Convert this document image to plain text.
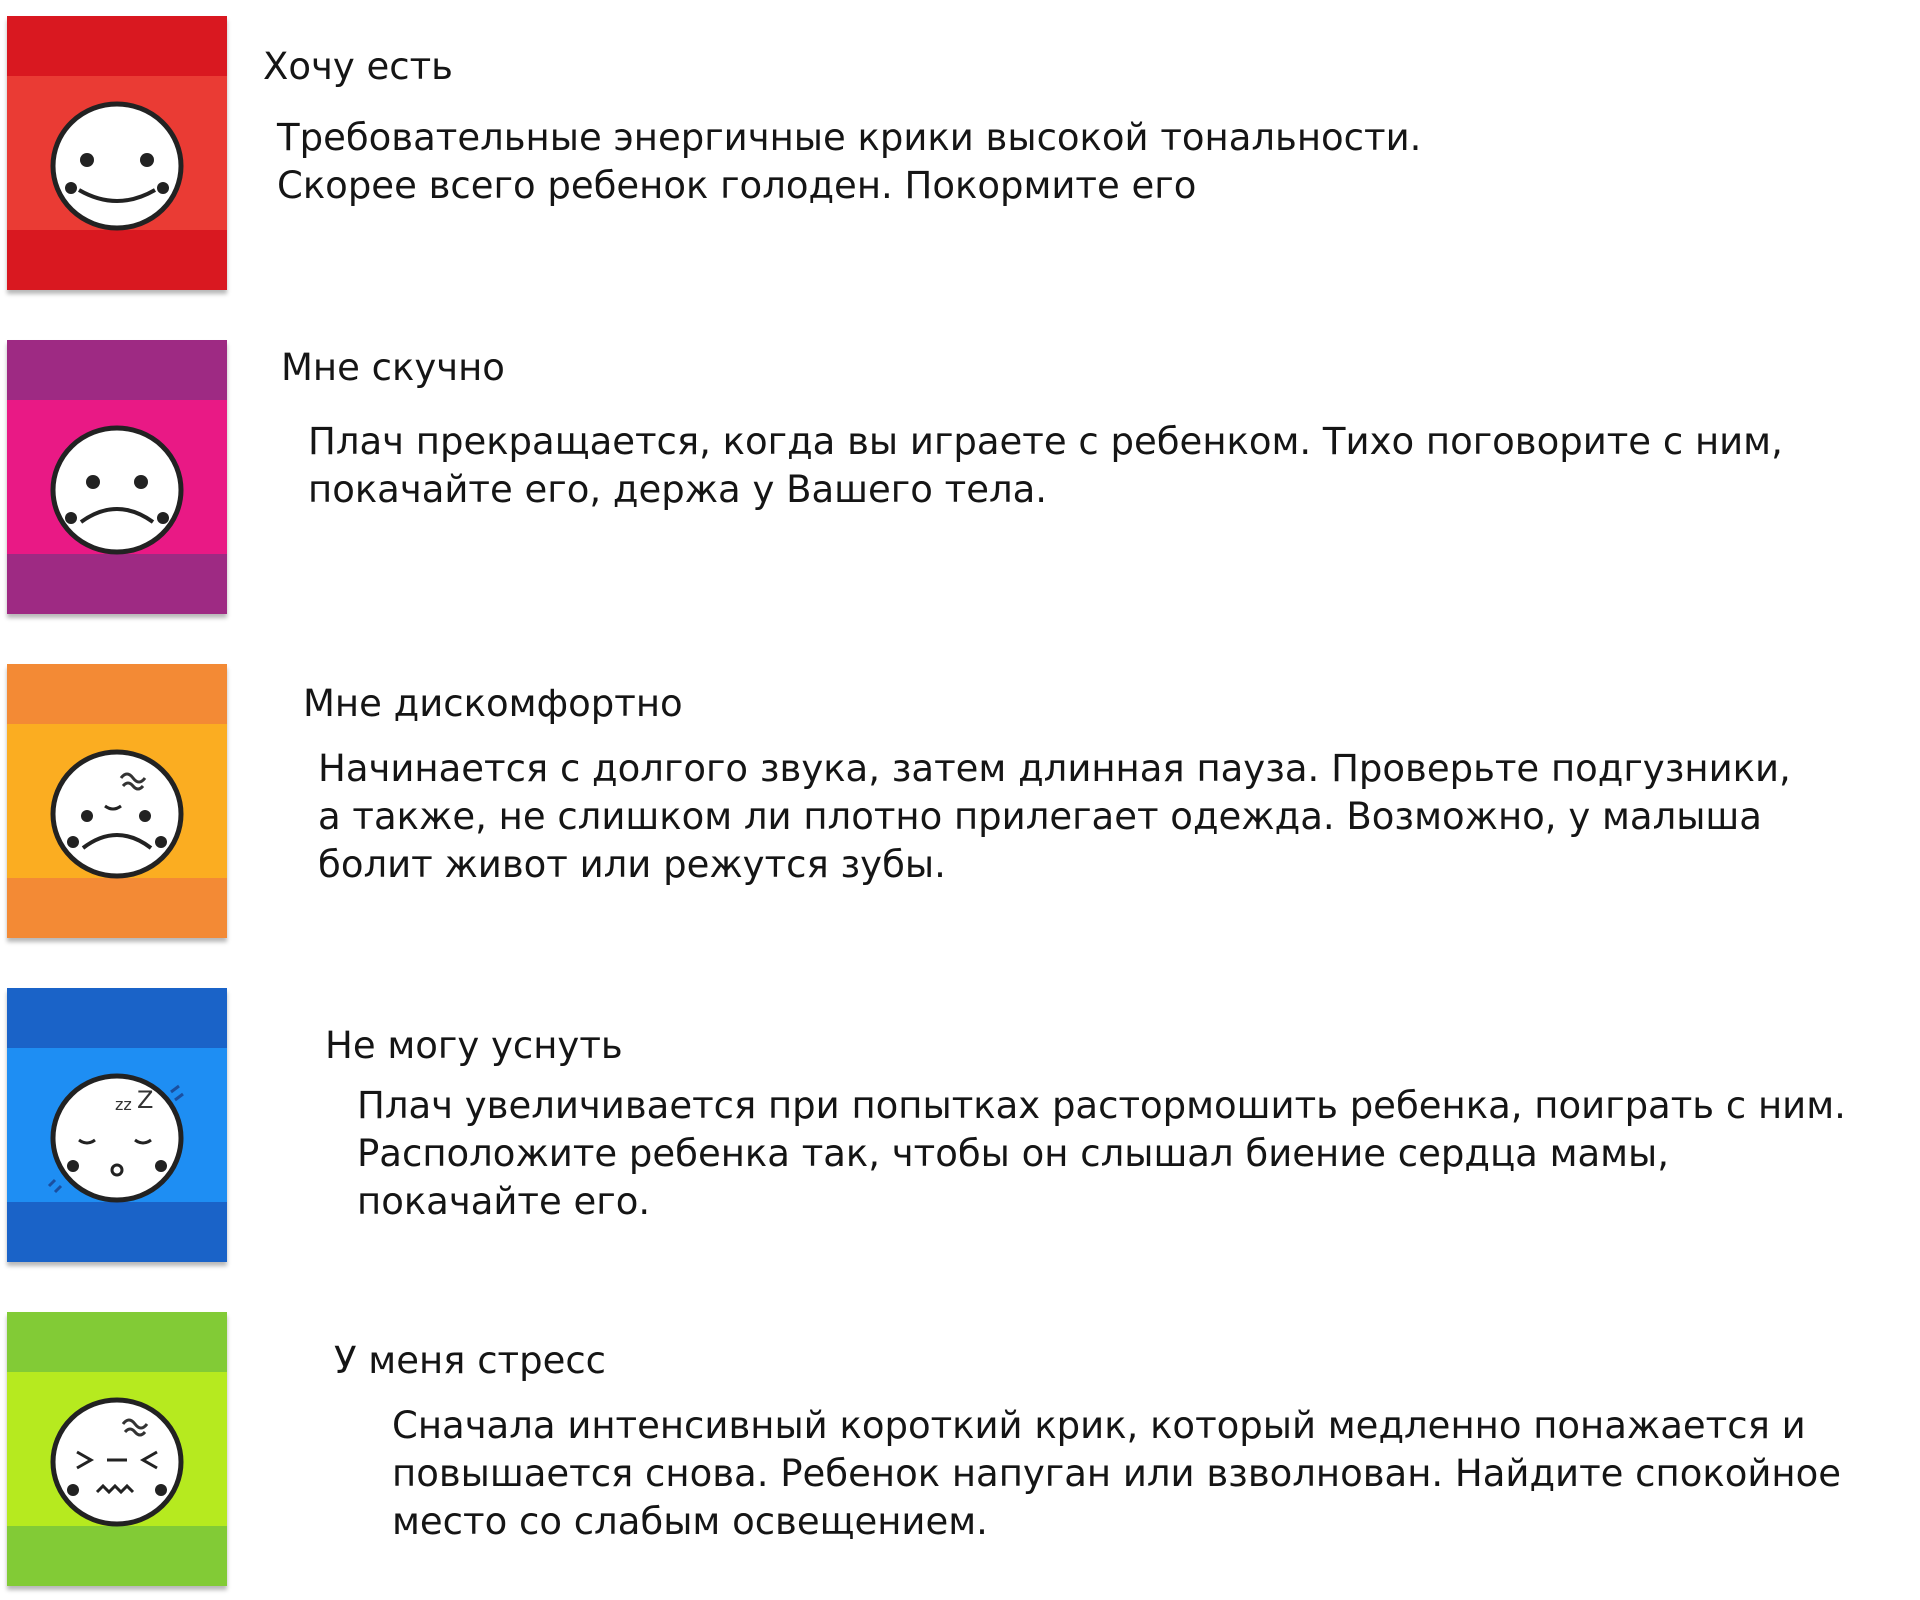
Хочу есть
Требовательные энергичные крики высокой тональности.
Скорее всего ребенок голоден. Покормите его
Мне скучно
Плач прекращается, когда вы играете с ребенком. Тихо поговорите с ним,
покачайте его, держа у Вашего тела.
Мне дискомфортно
Начинается с долгого звука, затем длинная пауза. Проверьте подгузники,
а также, не слишком ли плотно прилегает одежда. Возможно, у малыша
болит живот или режутся зубы.
zz Z
Не могу уснуть
Плач увеличивается при попытках растормошить ребенка, поиграть с ним.
Расположите ребенка так, чтобы он слышал биение сердца мамы,
покачайте его.
У меня стресс
Сначала интенсивный короткий крик, который медленно понажается и
повышается снова. Ребенок напуган или взволнован. Найдите спокойное
место со слабым освещением.
